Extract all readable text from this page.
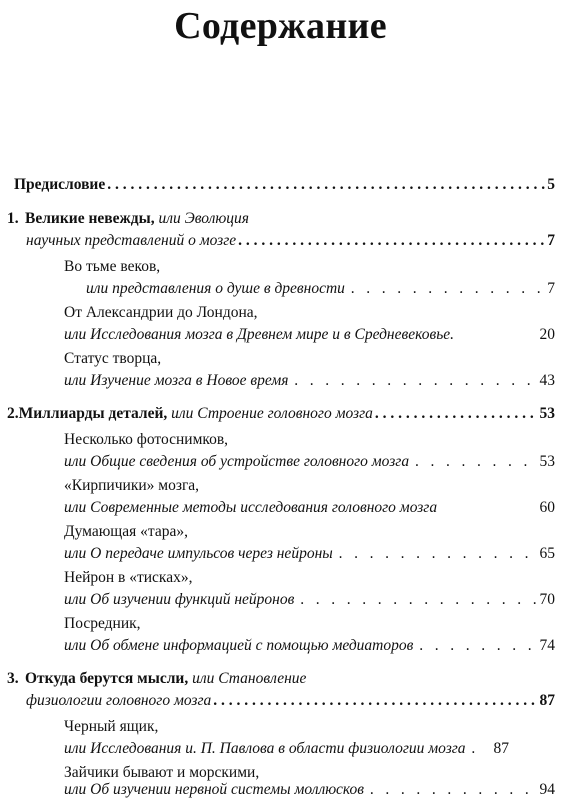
Содержание
Предисловие . . .	5
1. Великие невежды, или Эволюция
научных представлений о мозге . . .	7
Во тьме веков,
или представления о душе в древности . .	7
От Александрии до Лондона,
или Исследования мозга в Древнем мире и в Средневековье.	20
Статус творца,
или Изучение мозга в Новое время . .	43
2. Миллиарды деталей,
или Строение головного мозга . . .	53
Несколько фотоснимков,
или Общие сведения об устройстве головного мозга . .	53
«Кирпичики» мозга,
или Современные методы исследования головного мозга	60
Думающая «тара»,
или О передаче импульсов через нейроны . .	65
Нейрон в «тисках»,
или Об изучении функций нейронов . .	70
Посредник,
или Об обмене информацией с помощью медиаторов . .	74
3. Откуда берутся мысли, или Становление
физиологии головного мозга . . .	87
Черный ящик,
или Исследования и. П. Павлова в области физиологии мозга . .	87
Зайчики бывают и морскими,
или Об изучении нервной системы моллюсков . .	94
